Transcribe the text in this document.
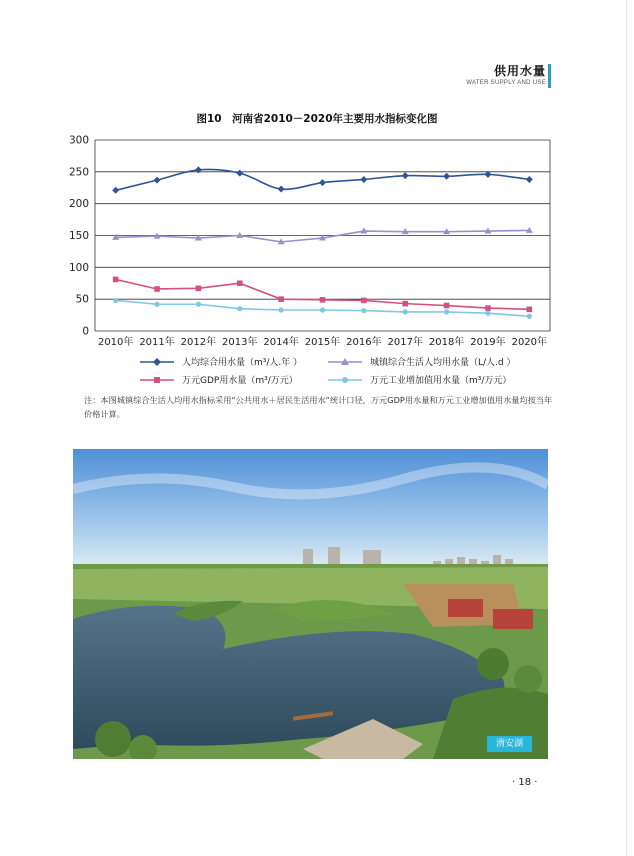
供用水量
WATER SUPPLY AND USE
图10　河南省2010－2020年主要用水指标变化图
0
50
100
150
200
250
300
2010年 2011年 2012年 2013年 2014年 2015年 2016年 2017年 2018年 2019年 2020年
人均综合用水量（m³/人.年 ）	城镇综合生活人均用水量（L/人.d ）
万元GDP用水量（m³/万元）	万元工业增加值用水量（m³/万元）
注：本图城镇综合生活人均用水指标采用“公共用水＋居民生活用水”统计口径，万元GDP用水量和万元工业增加值用水量均按当年价格计算。
湑安湖
· 18 ·
